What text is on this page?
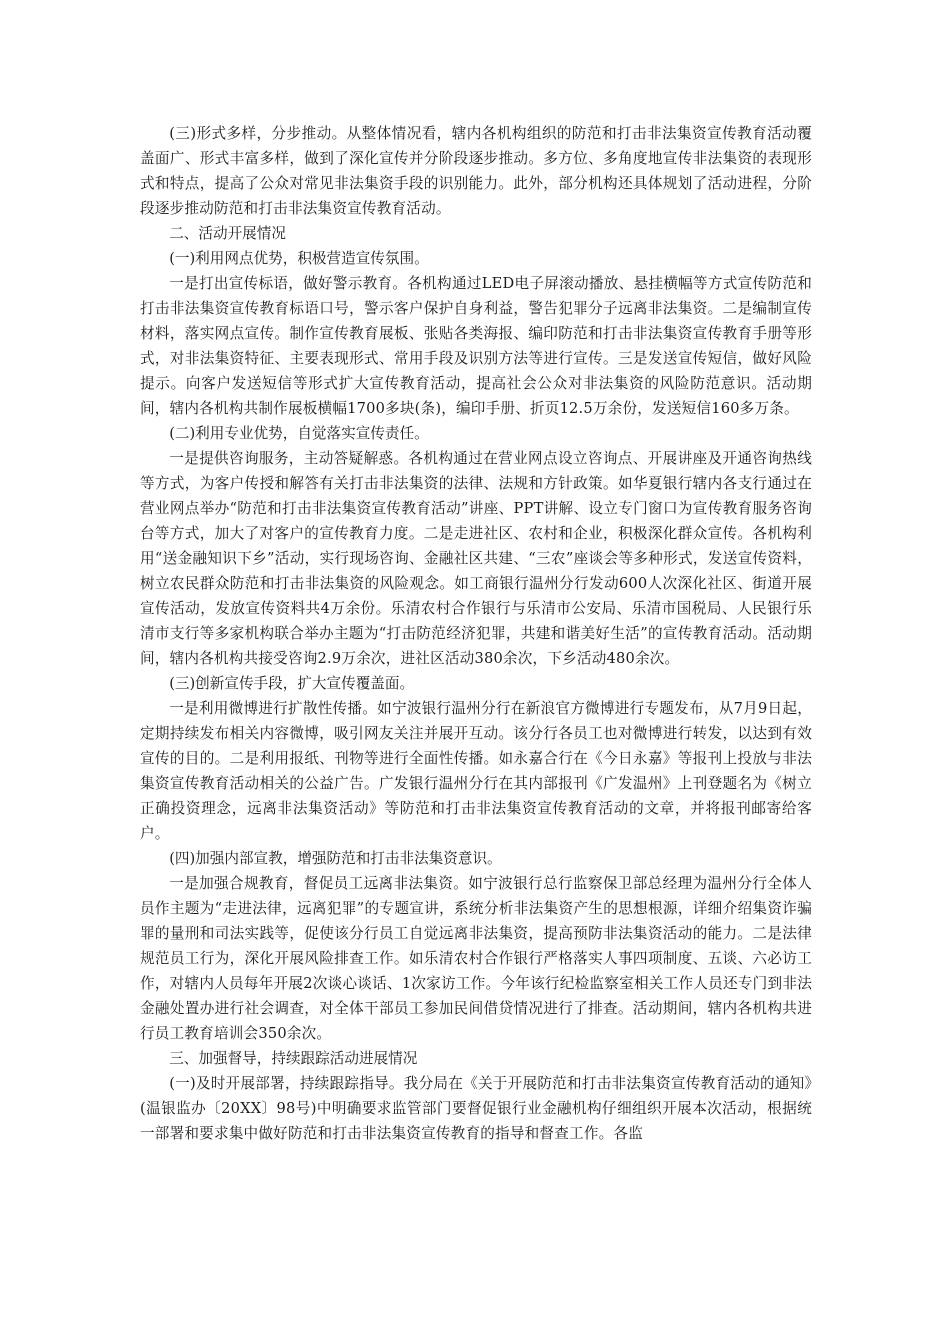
(三)形式多样，分步推动。从整体情况看，辖内各机构组织的防范和打击非法集资宣传教育活动覆盖面广、形式丰富多样，做到了深化宣传并分阶段逐步推动。多方位、多角度地宣传非法集资的表现形式和特点，提高了公众对常见非法集资手段的识别能力。此外，部分机构还具体规划了活动进程，分阶段逐步推动防范和打击非法集资宣传教育活动。

二、活动开展情况

(一)利用网点优势，积极营造宣传氛围。

一是打出宣传标语，做好警示教育。各机构通过LED电子屏滚动播放、悬挂横幅等方式宣传防范和打击非法集资宣传教育标语口号，警示客户保护自身利益，警告犯罪分子远离非法集资。二是编制宣传材料，落实网点宣传。制作宣传教育展板、张贴各类海报、编印防范和打击非法集资宣传教育手册等形式，对非法集资特征、主要表现形式、常用手段及识别方法等进行宣传。三是发送宣传短信，做好风险提示。向客户发送短信等形式扩大宣传教育活动，提高社会公众对非法集资的风险防范意识。活动期间，辖内各机构共制作展板横幅1700多块(条)，编印手册、折页12.5万余份，发送短信160多万条。

(二)利用专业优势，自觉落实宣传责任。

一是提供咨询服务，主动答疑解惑。各机构通过在营业网点设立咨询点、开展讲座及开通咨询热线等方式，为客户传授和解答有关打击非法集资的法律、法规和方针政策。如华夏银行辖内各支行通过在营业网点举办“防范和打击非法集资宣传教育活动”讲座、PPT讲解、设立专门窗口为宣传教育服务咨询台等方式，加大了对客户的宣传教育力度。二是走进社区、农村和企业，积极深化群众宣传。各机构利用“送金融知识下乡”活动，实行现场咨询、金融社区共建、“三农”座谈会等多种形式，发送宣传资料，树立农民群众防范和打击非法集资的风险观念。如工商银行温州分行发动600人次深化社区、街道开展宣传活动，发放宣传资料共4万余份。乐清农村合作银行与乐清市公安局、乐清市国税局、人民银行乐清市支行等多家机构联合举办主题为“打击防范经济犯罪，共建和谐美好生活”的宣传教育活动。活动期间，辖内各机构共接受咨询2.9万余次，进社区活动380余次，下乡活动480余次。

(三)创新宣传手段，扩大宣传覆盖面。

一是利用微博进行扩散性传播。如宁波银行温州分行在新浪官方微博进行专题发布，从7月9日起，定期持续发布相关内容微博，吸引网友关注并展开互动。该分行各员工也对微博进行转发，以达到有效宣传的目的。二是利用报纸、刊物等进行全面性传播。如永嘉合行在《今日永嘉》等报刊上投放与非法集资宣传教育活动相关的公益广告。广发银行温州分行在其内部报刊《广发温州》上刊登题名为《树立正确投资理念，远离非法集资活动》等防范和打击非法集资宣传教育活动的文章，并将报刊邮寄给客户。

(四)加强内部宣教，增强防范和打击非法集资意识。

一是加强合规教育，督促员工远离非法集资。如宁波银行总行监察保卫部总经理为温州分行全体人员作主题为“走进法律，远离犯罪”的专题宣讲，系统分析非法集资产生的思想根源，详细介绍集资诈骗罪的量刑和司法实践等，促使该分行员工自觉远离非法集资，提高预防非法集资活动的能力。二是法律规范员工行为，深化开展风险排查工作。如乐清农村合作银行严格落实人事四项制度、五谈、六必访工作，对辖内人员每年开展2次谈心谈话、1次家访工作。今年该行纪检监察室相关工作人员还专门到非法金融处置办进行社会调查，对全体干部员工参加民间借贷情况进行了排查。活动期间，辖内各机构共进行员工教育培训会350余次。

三、加强督导，持续跟踪活动进展情况

(一)及时开展部署，持续跟踪指导。我分局在《关于开展防范和打击非法集资宣传教育活动的通知》(温银监办〔20XX〕98号)中明确要求监管部门要督促银行业金融机构仔细组织开展本次活动，根据统一部署和要求集中做好防范和打击非法集资宣传教育的指导和督查工作。各监
